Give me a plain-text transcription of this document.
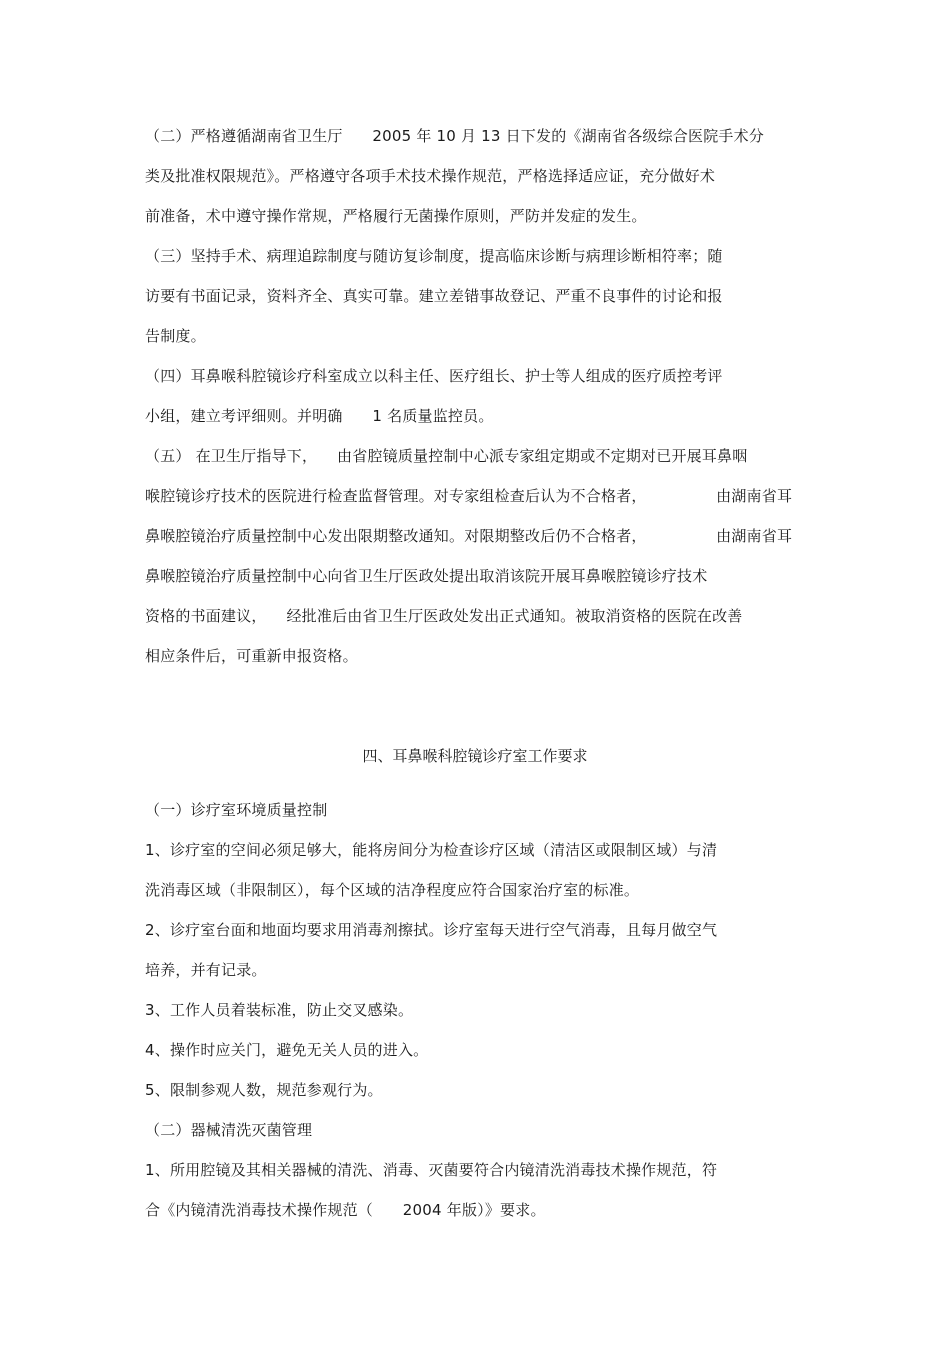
（二）严格遵循湖南省卫生厅      2005 年 10 月 13 日下发的《湖南省各级综合医院手术分
类及批准权限规范》。严格遵守各项手术技术操作规范，严格选择适应证，充分做好术
前准备，术中遵守操作常规，严格履行无菌操作原则，严防并发症的发生。
（三）坚持手术、病理追踪制度与随访复诊制度，提高临床诊断与病理诊断相符率；随
访要有书面记录，资料齐全、真实可靠。建立差错事故登记、严重不良事件的讨论和报
告制度。
（四）耳鼻喉科腔镜诊疗科室成立以科主任、医疗组长、护士等人组成的医疗质控考评
小组，建立考评细则。并明确      1 名质量监控员。
（五） 在卫生厅指导下，    由省腔镜质量控制中心派专家组定期或不定期对已开展耳鼻咽
喉腔镜诊疗技术的医院进行检查监督管理。对专家组检查后认为不合格者，              由湖南省耳
鼻喉腔镜治疗质量控制中心发出限期整改通知。对限期整改后仍不合格者，              由湖南省耳
鼻喉腔镜治疗质量控制中心向省卫生厅医政处提出取消该院开展耳鼻喉腔镜诊疗技术
资格的书面建议，    经批准后由省卫生厅医政处发出正式通知。被取消资格的医院在改善
相应条件后，可重新申报资格。
四、耳鼻喉科腔镜诊疗室工作要求
（一）诊疗室环境质量控制
1、诊疗室的空间必须足够大，能将房间分为检查诊疗区域（清洁区或限制区域）与清
洗消毒区域（非限制区），每个区域的洁净程度应符合国家治疗室的标准。
2、诊疗室台面和地面均要求用消毒剂擦拭。诊疗室每天进行空气消毒，且每月做空气
培养，并有记录。
3、工作人员着装标准，防止交叉感染。
4、操作时应关门，避免无关人员的进入。
5、限制参观人数，规范参观行为。
（二）器械清洗灭菌管理
1、所用腔镜及其相关器械的清洗、消毒、灭菌要符合内镜清洗消毒技术操作规范，符
合《内镜清洗消毒技术操作规范（      2004 年版）》要求。
